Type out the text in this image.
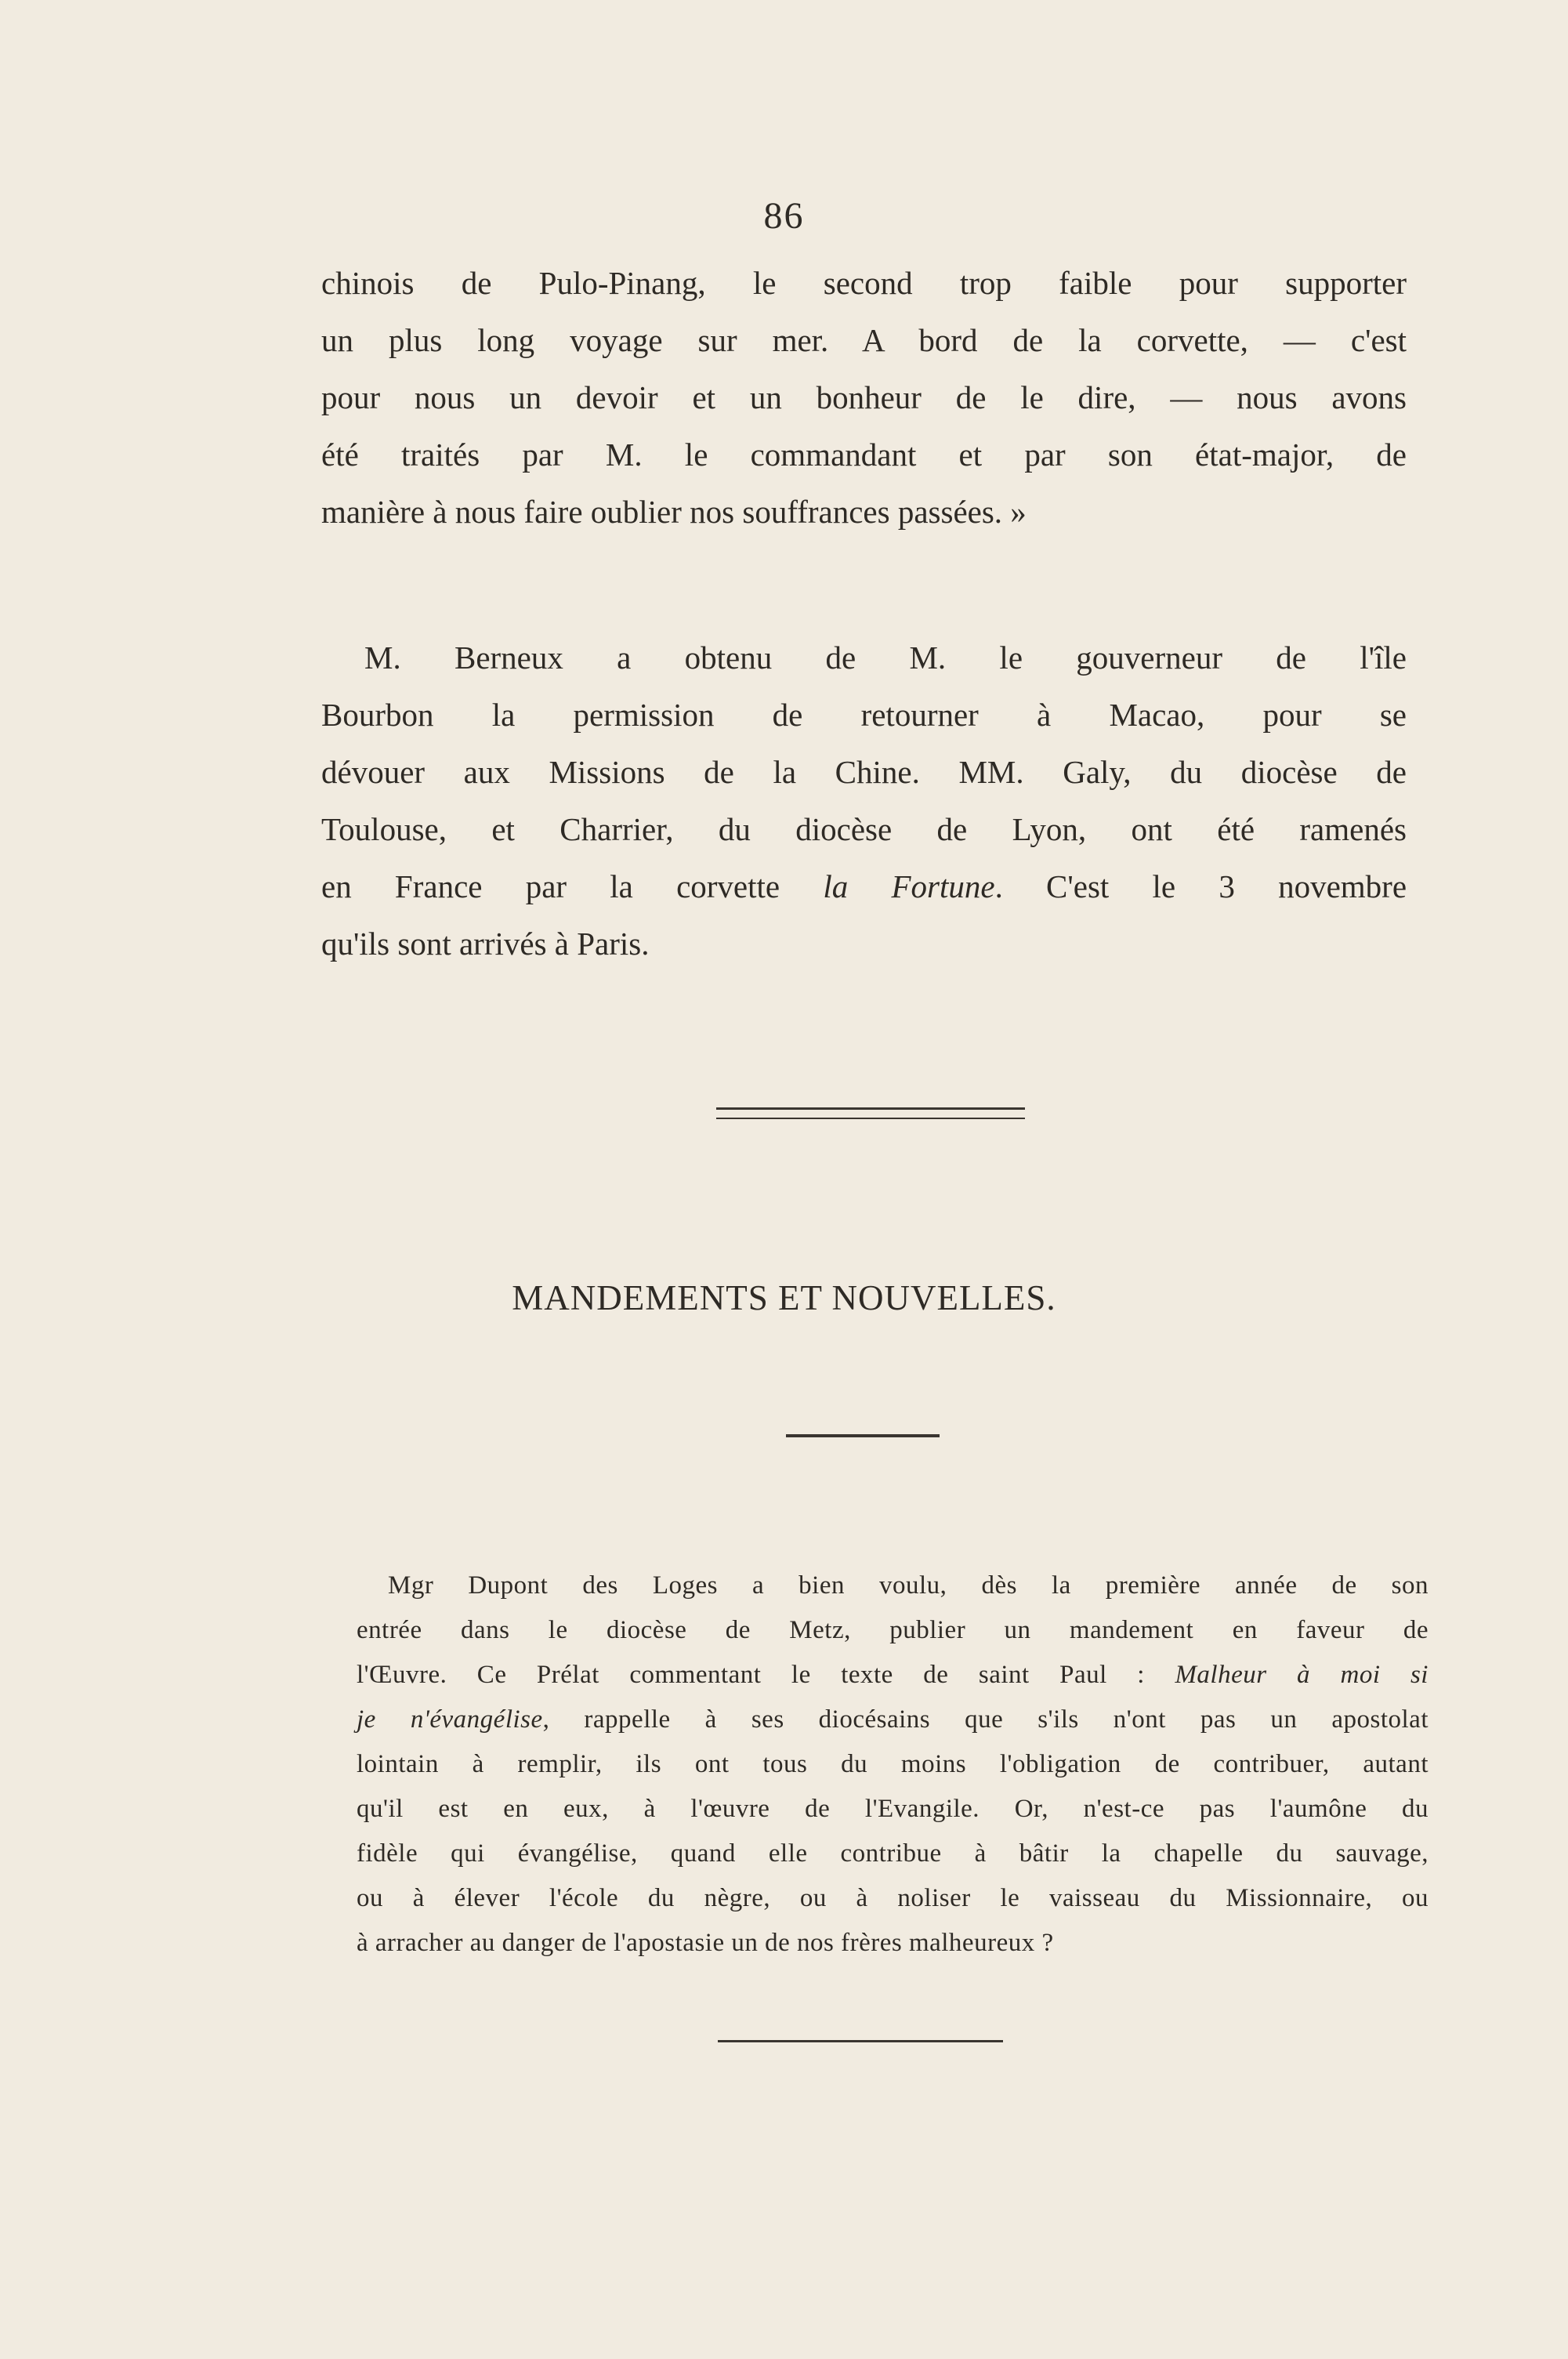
86

chinois de Pulo-Pinang, le second trop faible pour supporter
un plus long voyage sur mer. A bord de la corvette, — c'est
pour nous un devoir et un bonheur de le dire, — nous avons
été traités par M. le commandant et par son état-major, de
manière à nous faire oublier nos souffrances passées. »

M. Berneux a obtenu de M. le gouverneur de l'île
Bourbon la permission de retourner à Macao, pour se
dévouer aux Missions de la Chine. MM. Galy, du diocèse de
Toulouse, et Charrier, du diocèse de Lyon, ont été ramenés
en France par la corvette la Fortune. C'est le 3 novembre
qu'ils sont arrivés à Paris.

MANDEMENTS ET NOUVELLES.

Mgr Dupont des Loges a bien voulu, dès la première année de son
entrée dans le diocèse de Metz, publier un mandement en faveur de
l'Œuvre. Ce Prélat commentant le texte de saint Paul : Malheur à moi si
je n'évangélise, rappelle à ses diocésains que s'ils n'ont pas un apostolat
lointain à remplir, ils ont tous du moins l'obligation de contribuer, autant
qu'il est en eux, à l'œuvre de l'Evangile. Or, n'est-ce pas l'aumône du
fidèle qui évangélise, quand elle contribue à bâtir la chapelle du sauvage,
ou à élever l'école du nègre, ou à noliser le vaisseau du Missionnaire, ou
à arracher au danger de l'apostasie un de nos frères malheureux ?
